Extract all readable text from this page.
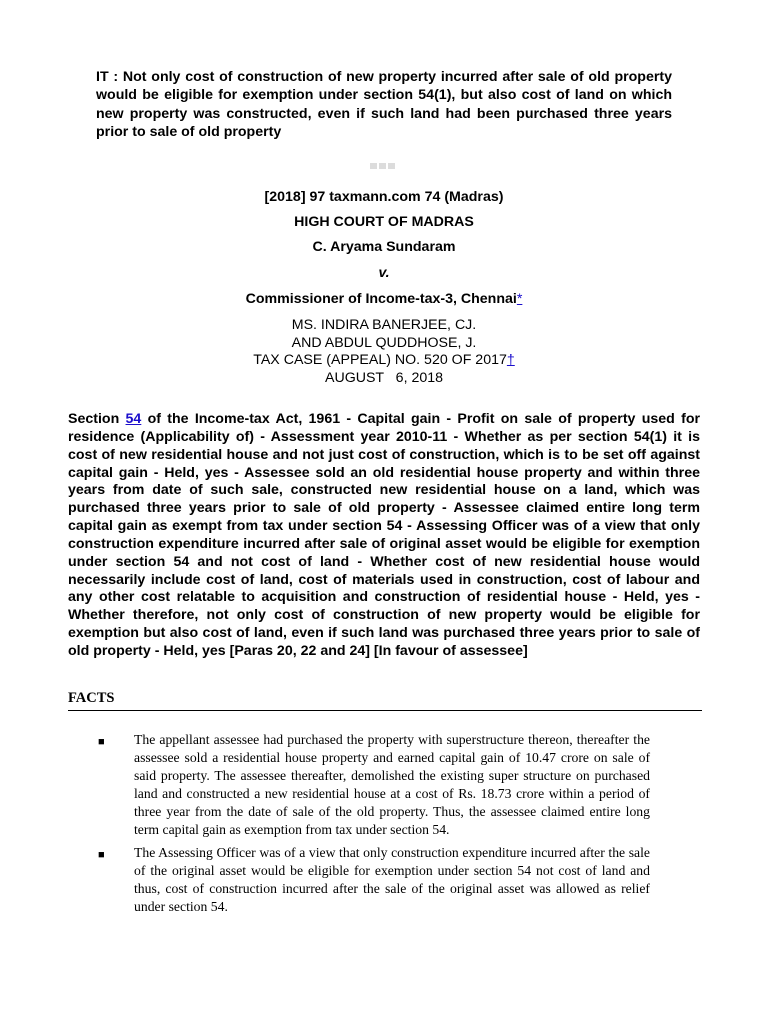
IT : Not only cost of construction of new property incurred after sale of old property would be eligible for exemption under section 54(1), but also cost of land on which new property was constructed, even if such land had been purchased three years prior to sale of old property
[2018] 97 taxmann.com 74 (Madras)
HIGH COURT OF MADRAS
C. Aryama Sundaram
v.
Commissioner of Income-tax-3, Chennai*
MS. INDIRA BANERJEE, CJ.
AND ABDUL QUDDHOSE, J.
TAX CASE (APPEAL) NO. 520 OF 2017†
AUGUST   6, 2018
Section 54 of the Income-tax Act, 1961 - Capital gain - Profit on sale of property used for residence (Applicability of) - Assessment year 2010-11 - Whether as per section 54(1) it is cost of new residential house and not just cost of construction, which is to be set off against capital gain - Held, yes - Assessee sold an old residential house property and within three years from date of such sale, constructed new residential house on a land, which was purchased three years prior to sale of old property - Assessee claimed entire long term capital gain as exempt from tax under section 54 - Assessing Officer was of a view that only construction expenditure incurred after sale of original asset would be eligible for exemption under section 54 and not cost of land - Whether cost of new residential house would necessarily include cost of land, cost of materials used in construction, cost of labour and any other cost relatable to acquisition and construction of residential house - Held, yes - Whether therefore, not only cost of construction of new property would be eligible for exemption but also cost of land, even if such land was purchased three years prior to sale of old property - Held, yes [Paras 20, 22 and 24] [In favour of assessee]
FACTS
■	The appellant assessee had purchased the property with superstructure thereon, thereafter the assessee sold a residential house property and earned capital gain of 10.47 crore on sale of said property. The assessee thereafter, demolished the existing super structure on purchased land and constructed a new residential house at a cost of Rs. 18.73 crore within a period of three year from the date of sale of the old property. Thus, the assessee claimed entire long term capital gain as exemption from tax under section 54.
■	The Assessing Officer was of a view that only construction expenditure incurred after the sale of the original asset would be eligible for exemption under section 54 not cost of land and thus, cost of construction incurred after the sale of the original asset was allowed as relief under section 54.
